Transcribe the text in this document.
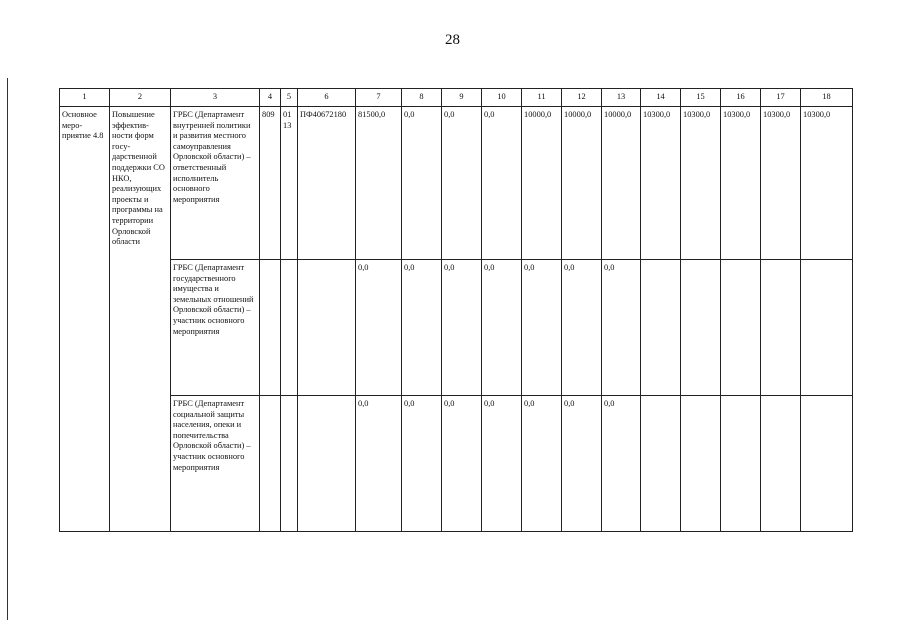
28
1	2	3	4	5	6	7	8	9	10	11	12	13	14	15	16	17	18
Основное меро-приятие 4.8	Повышение эффектив-ности форм госу-дарственной поддержки СО НКО, реализующих проекты и программы на территории Орловской области	ГРБС (Департамент внутренней политики и развития местного самоуправления Орловской области) – ответственный исполнитель основного мероприятия	809	0113	ПФ40672180	81500,0	0,0	0,0	0,0	10000,0	10000,0	10000,0	10300,0	10300,0	10300,0	10300,0	10300,0
		ГРБС (Департамент государственного имущества и земельных отношений Орловской области) – участник основного мероприятия				0,0	0,0	0,0	0,0	0,0	0,0	0,0					
		ГРБС (Департамент социальной защиты населения, опеки и попечительства Орловской области) – участник основного мероприятия				0,0	0,0	0,0	0,0	0,0	0,0	0,0					
